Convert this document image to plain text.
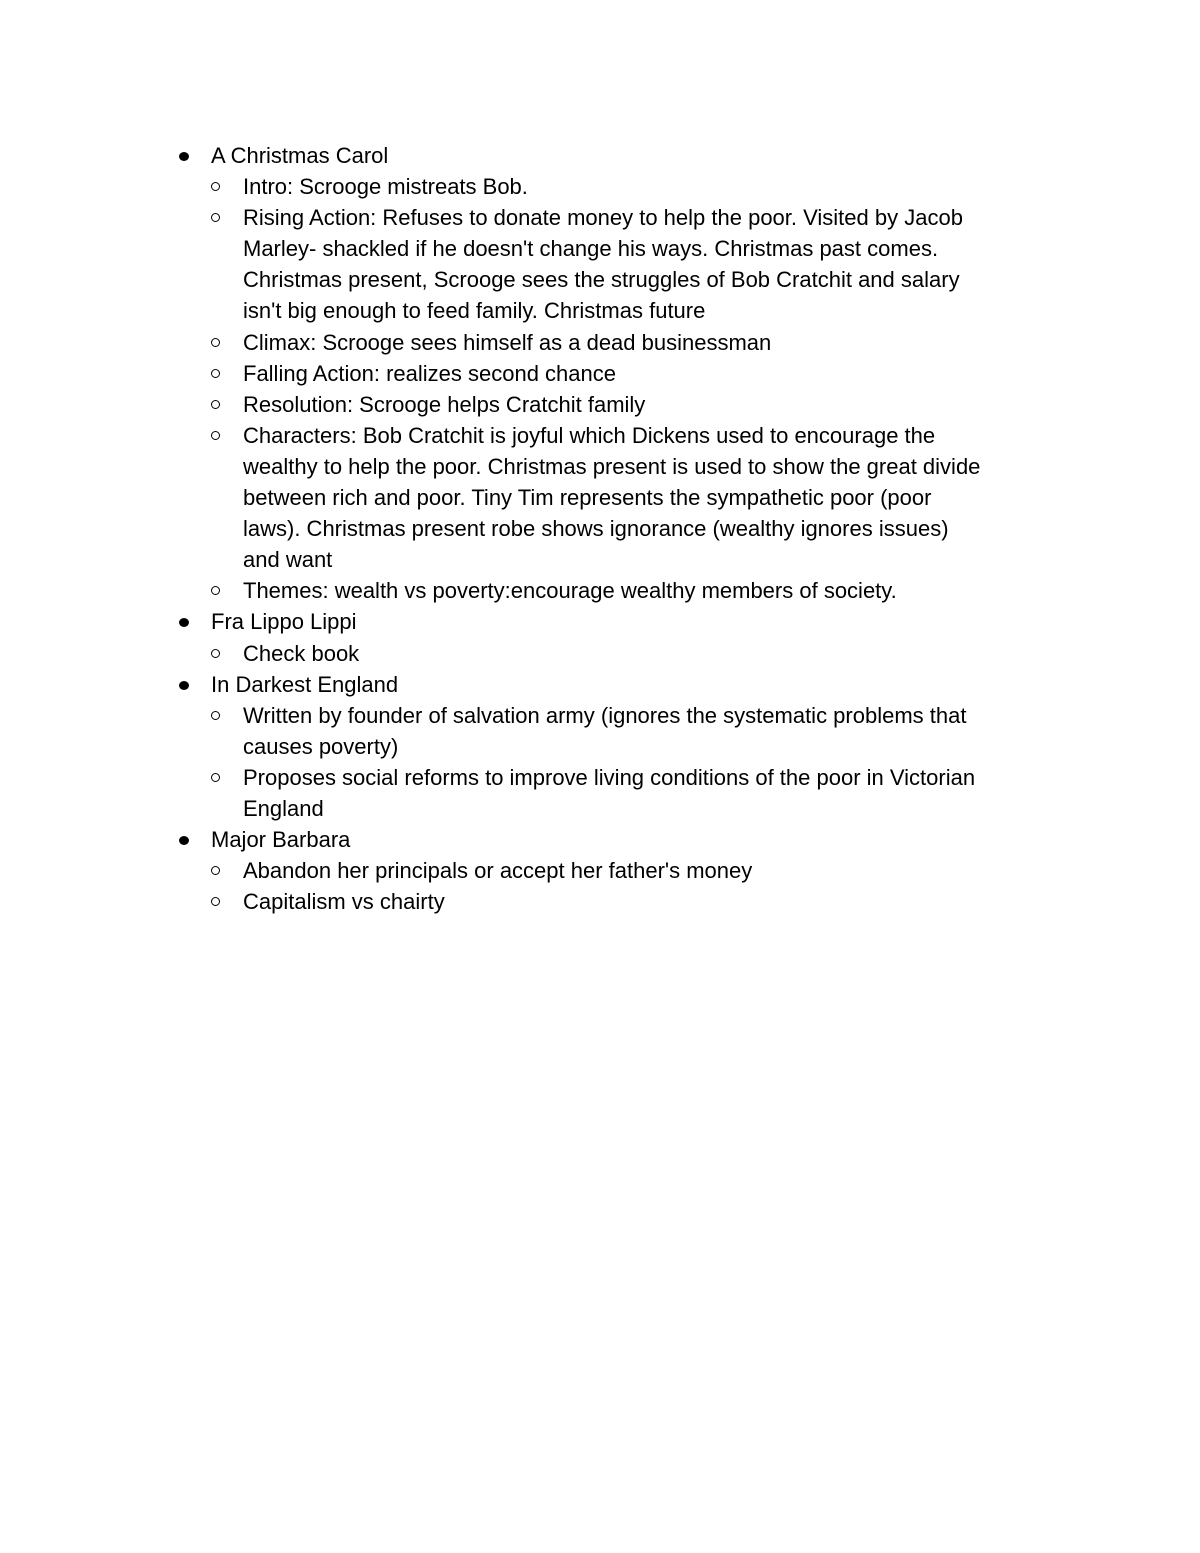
A Christmas Carol
Intro: Scrooge mistreats Bob.
Rising Action: Refuses to donate money to help the poor. Visited by Jacob Marley- shackled if he doesn't change his ways. Christmas past comes. Christmas present, Scrooge sees the struggles of Bob Cratchit and salary isn't big enough to feed family. Christmas future
Climax: Scrooge sees himself as a dead businessman
Falling Action: realizes second chance
Resolution: Scrooge helps Cratchit family
Characters: Bob Cratchit is joyful which Dickens used to encourage the wealthy to help the poor. Christmas present is used to show the great divide between rich and poor. Tiny Tim represents the sympathetic poor (poor laws). Christmas present robe shows ignorance (wealthy ignores issues) and want
Themes: wealth vs poverty:encourage wealthy members of society.
Fra Lippo Lippi
Check book
In Darkest England
Written by founder of salvation army (ignores the systematic problems that causes poverty)
Proposes social reforms to improve living conditions of the poor in Victorian England
Major Barbara
Abandon her principals or accept her father's money
Capitalism vs chairty
